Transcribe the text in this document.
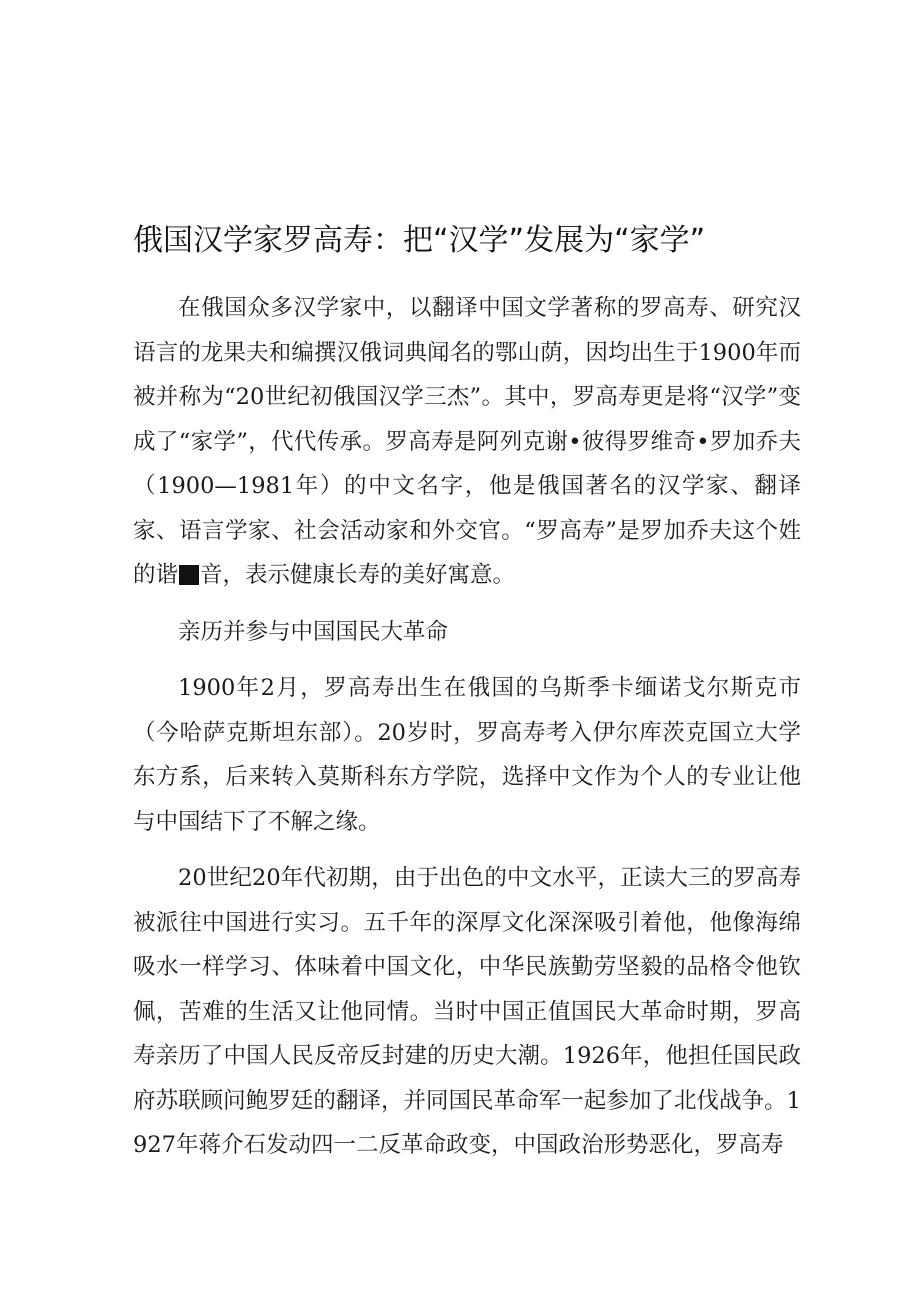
俄国汉学家罗高寿：把“汉学”发展为“家学”

在俄国众多汉学家中，以翻译中国文学著称的罗高寿、研究汉语言的龙果夫和编撰汉俄词典闻名的鄂山荫，因均出生于1900年而被并称为“20世纪初俄国汉学三杰”。其中，罗高寿更是将“汉学”变成了“家学”，代代传承。罗高寿是阿列克谢•彼得罗维奇•罗加乔夫（1900—1981年）的中文名字，他是俄国著名的汉学家、翻译家、语言学家、社会活动家和外交官。“罗高寿”是罗加乔夫这个姓的谐 音，表示健康长寿的美好寓意。

亲历并参与中国国民大革命

1900年2月，罗高寿出生在俄国的乌斯季卡缅诺戈尔斯克市（今哈萨克斯坦东部）。20岁时，罗高寿考入伊尔库茨克国立大学东方系，后来转入莫斯科东方学院，选择中文作为个人的专业让他与中国结下了不解之缘。

20世纪20年代初期，由于出色的中文水平，正读大三的罗高寿被派往中国进行实习。五千年的深厚文化深深吸引着他，他像海绵吸水一样学习、体味着中国文化，中华民族勤劳坚毅的品格令他钦佩，苦难的生活又让他同情。当时中国正值国民大革命时期，罗高寿亲历了中国人民反帝反封建的历史大潮。1926年，他担任国民政府苏联顾问鲍罗廷的翻译，并同国民革命军一起参加了北伐战争。1927年蒋介石发动四一二反革命政变，中国政治形势恶化，罗高寿
